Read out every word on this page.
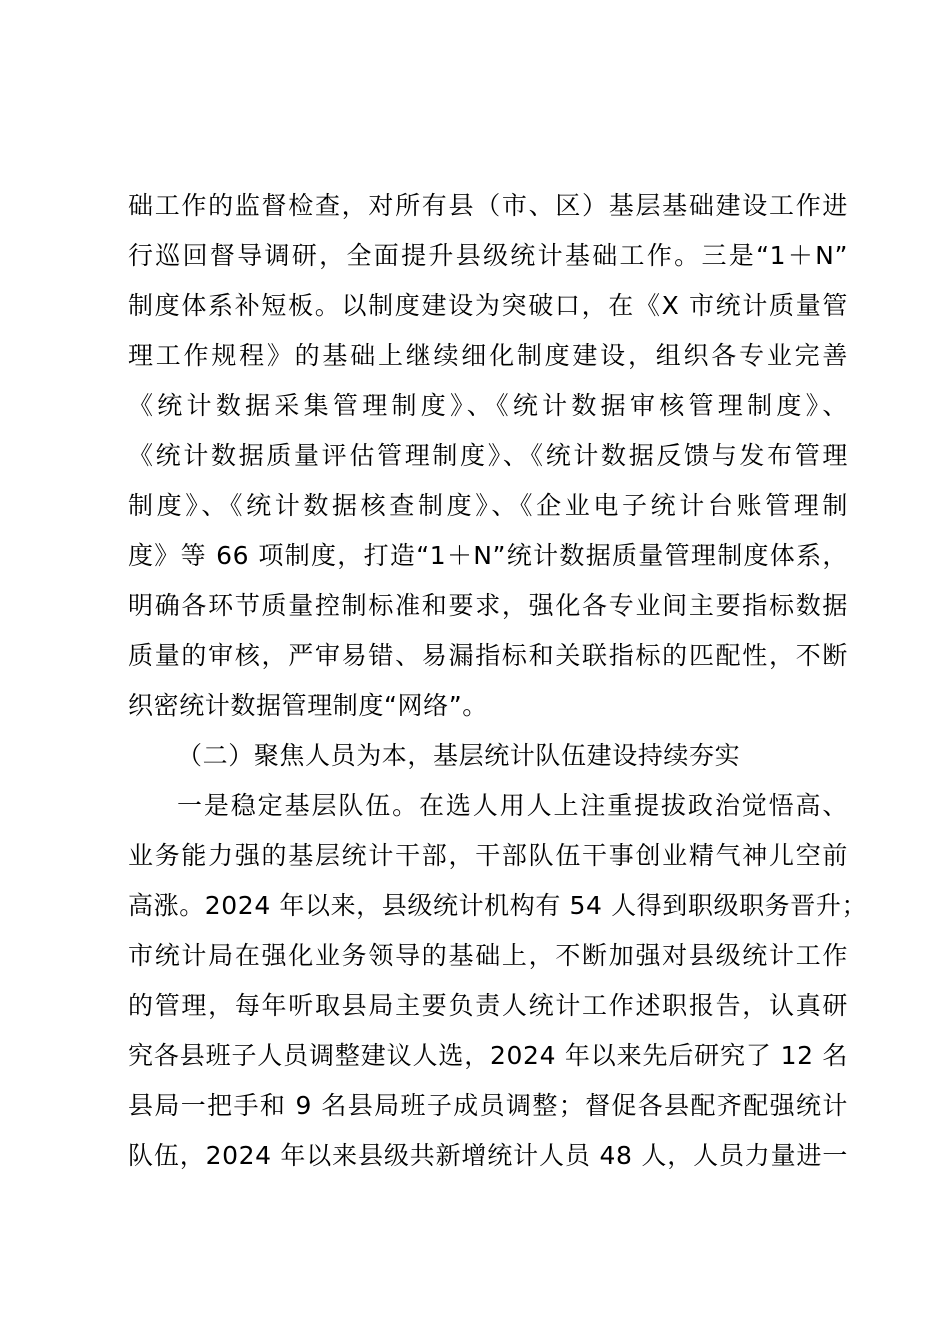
础工作的监督检查，对所有县（市、区）基层基础建设工作进
行巡回督导调研，全面提升县级统计基础工作。三是“1＋N”
制度体系补短板。以制度建设为突破口，在《X 市统计质量管
理工作规程》的基础上继续细化制度建设，组织各专业完善
《统计数据采集管理制度》、《统计数据审核管理制度》、
《统计数据质量评估管理制度》、《统计数据反馈与发布管理
制度》、《统计数据核查制度》、《企业电子统计台账管理制
度》等 66 项制度，打造“1＋N”统计数据质量管理制度体系，
明确各环节质量控制标准和要求，强化各专业间主要指标数据
质量的审核，严审易错、易漏指标和关联指标的匹配性，不断
织密统计数据管理制度“网络”。
（二）聚焦人员为本，基层统计队伍建设持续夯实
一是稳定基层队伍。在选人用人上注重提拔政治觉悟高、
业务能力强的基层统计干部，干部队伍干事创业精气神儿空前
高涨。2024 年以来，县级统计机构有 54 人得到职级职务晋升；
市统计局在强化业务领导的基础上，不断加强对县级统计工作
的管理，每年听取县局主要负责人统计工作述职报告，认真研
究各县班子人员调整建议人选，2024 年以来先后研究了 12 名
县局一把手和 9 名县局班子成员调整；督促各县配齐配强统计
队伍，2024 年以来县级共新增统计人员 48 人，人员力量进一
